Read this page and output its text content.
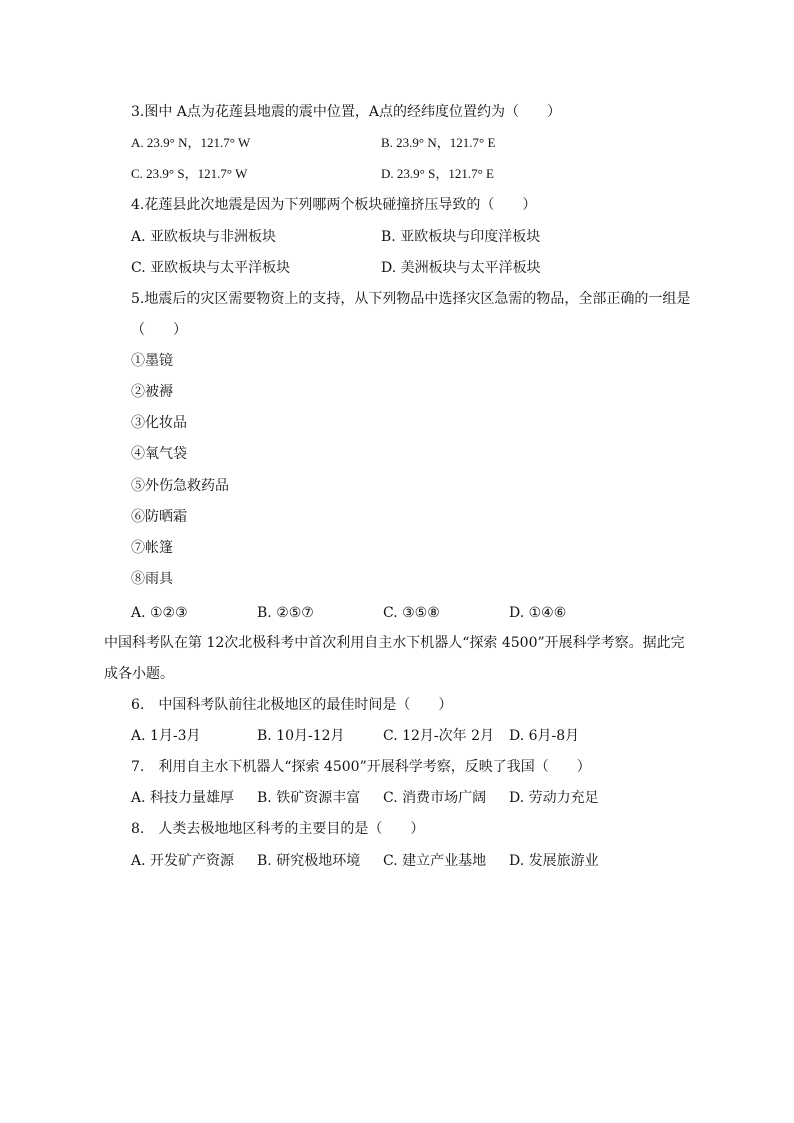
3.图中 A点为花莲县地震的震中位置，A点的经纬度位置约为（　　）
A. 23.9° N，121.7° W	B. 23.9° N，121.7° E
C. 23.9° S，121.7° W	D. 23.9° S，121.7° E
4.花莲县此次地震是因为下列哪两个板块碰撞挤压导致的（　　）
A. 亚欧板块与非洲板块	B. 亚欧板块与印度洋板块
C. 亚欧板块与太平洋板块	D. 美洲板块与太平洋板块
5.地震后的灾区需要物资上的支持，从下列物品中选择灾区急需的物品，全部正确的一组是
（　　）
①墨镜
②被褥
③化妆品
④氧气袋
⑤外伤急救药品
⑥防晒霜
⑦帐篷
⑧雨具
A. ①②③	B. ②⑤⑦	C. ③⑤⑧	D. ①④⑥
中国科考队在第 12次北极科考中首次利用自主水下机器人“探索 4500”开展科学考察。据此完
成各小题。
6.　中国科考队前往北极地区的最佳时间是（　　）
A. 1月-3月	B. 10月-12月	C. 12月-次年 2月 D. 6月-8月
7.　利用自主水下机器人“探索 4500”开展科学考察，反映了我国（　　）
A. 科技力量雄厚 B. 铁矿资源丰富 C. 消费市场广阔 D. 劳动力充足
8.　人类去极地地区科考的主要目的是（　　）
A. 开发矿产资源 B. 研究极地环境 C. 建立产业基地 D. 发展旅游业
